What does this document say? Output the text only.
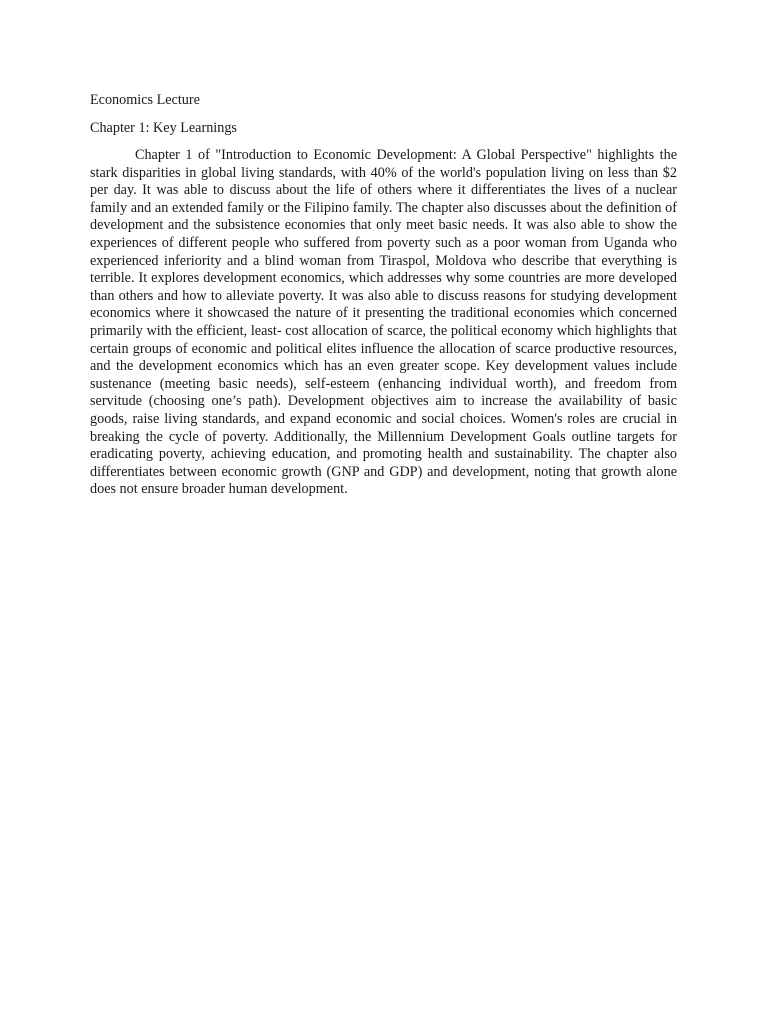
Economics Lecture

Chapter 1: Key Learnings

Chapter 1 of "Introduction to Economic Development: A Global Perspective" highlights the stark disparities in global living standards, with 40% of the world's population living on less than $2 per day. It was able to discuss about the life of others where it differentiates the lives of a nuclear family and an extended family or the Filipino family. The chapter also discusses about the definition of development and the subsistence economies that only meet basic needs. It was also able to show the experiences of different people who suffered from poverty such as a poor woman from Uganda who experienced inferiority and a blind woman from Tiraspol, Moldova who describe that everything is terrible. It explores development economics, which addresses why some countries are more developed than others and how to alleviate poverty. It was also able to discuss reasons for studying development economics where it showcased the nature of it presenting the traditional economies which concerned primarily with the efficient, least- cost allocation of scarce, the political economy which highlights that certain groups of economic and political elites influence the allocation of scarce productive resources, and the development economics which has an even greater scope. Key development values include sustenance (meeting basic needs), self-esteem (enhancing individual worth), and freedom from servitude (choosing one’s path). Development objectives aim to increase the availability of basic goods, raise living standards, and expand economic and social choices. Women's roles are crucial in breaking the cycle of poverty. Additionally, the Millennium Development Goals outline targets for eradicating poverty, achieving education, and promoting health and sustainability. The chapter also differentiates between economic growth (GNP and GDP) and development, noting that growth alone does not ensure broader human development.
